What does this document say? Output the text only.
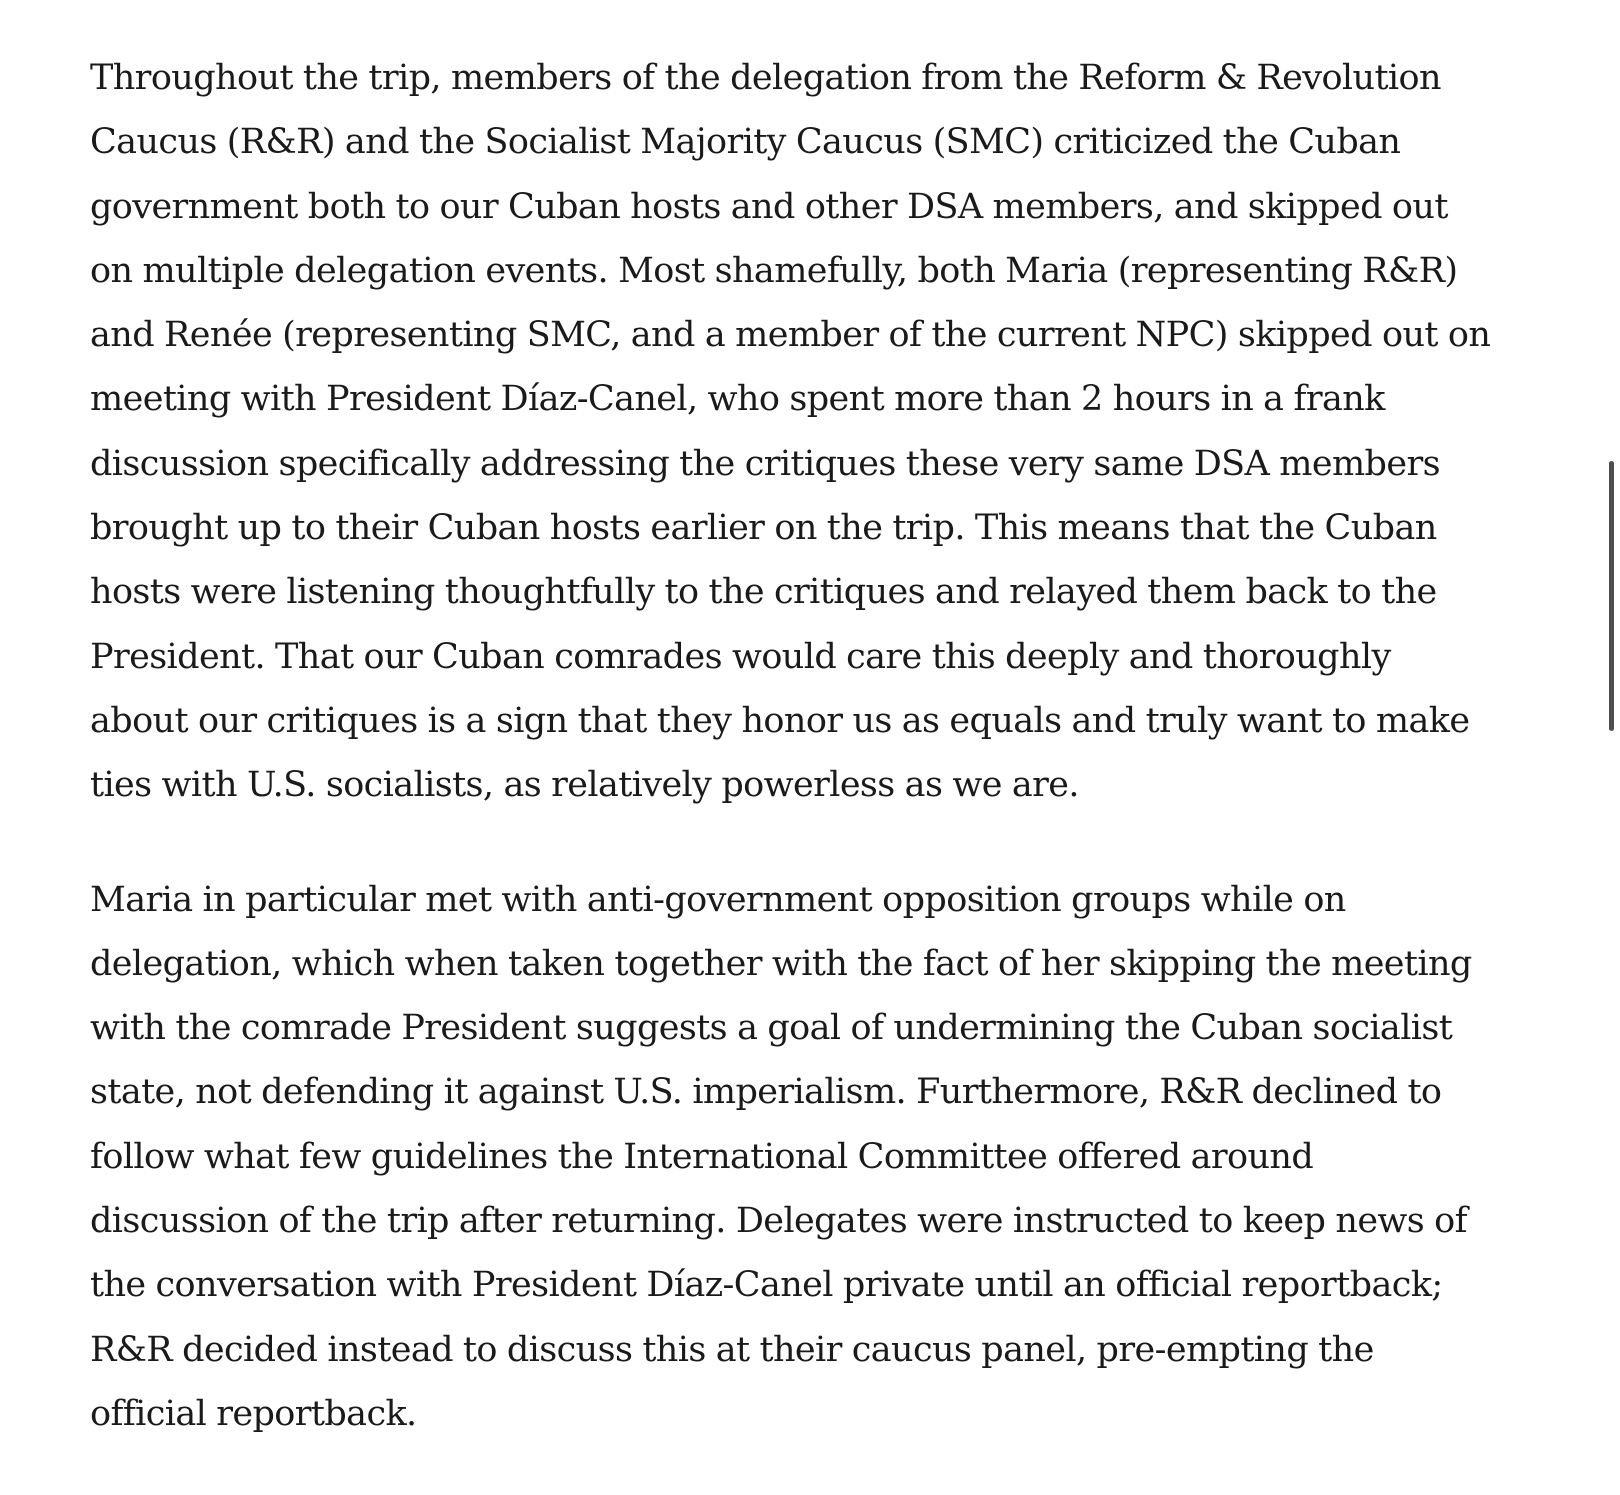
Throughout the trip, members of the delegation from the Reform & Revolution
Caucus (R&R) and the Socialist Majority Caucus (SMC) criticized the Cuban
government both to our Cuban hosts and other DSA members, and skipped out
on multiple delegation events. Most shamefully, both Maria (representing R&R)
and Renée (representing SMC, and a member of the current NPC) skipped out on
meeting with President Díaz-Canel, who spent more than 2 hours in a frank
discussion specifically addressing the critiques these very same DSA members
brought up to their Cuban hosts earlier on the trip. This means that the Cuban
hosts were listening thoughtfully to the critiques and relayed them back to the
President. That our Cuban comrades would care this deeply and thoroughly
about our critiques is a sign that they honor us as equals and truly want to make
ties with U.S. socialists, as relatively powerless as we are.

Maria in particular met with anti-government opposition groups while on
delegation, which when taken together with the fact of her skipping the meeting
with the comrade President suggests a goal of undermining the Cuban socialist
state, not defending it against U.S. imperialism. Furthermore, R&R declined to
follow what few guidelines the International Committee offered around
discussion of the trip after returning. Delegates were instructed to keep news of
the conversation with President Díaz-Canel private until an official reportback;
R&R decided instead to discuss this at their caucus panel, pre-empting the
official reportback.
